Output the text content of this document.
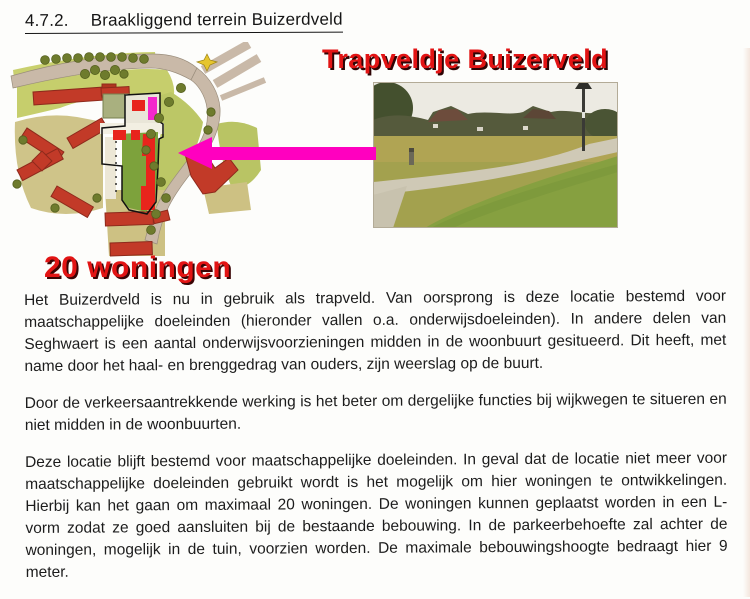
4.7.2. Braakliggend terrein Buizerdveld
Trapveldje Buizerveld
20 woningen

Het Buizerdveld is nu in gebruik als trapveld. Van oorsprong is deze locatie bestemd voor maatschappelijke doeleinden (hieronder vallen o.a. onderwijsdoeleinden). In andere delen van Seghwaert is een aantal onderwijsvoorzieningen midden in de woonbuurt gesitueerd. Dit heeft, met name door het haal- en brenggedrag van ouders, zijn weerslag op de buurt.

Door de verkeersaantrekkende werking is het beter om dergelijke functies bij wijkwegen te situeren en niet midden in de woonbuurten.

Deze locatie blijft bestemd voor maatschappelijke doeleinden. In geval dat de locatie niet meer voor maatschappelijke doeleinden gebruikt wordt is het mogelijk om hier woningen te ontwikkelingen. Hierbij kan het gaan om maximaal 20 woningen. De woningen kunnen geplaatst worden in een L-vorm zodat ze goed aansluiten bij de bestaande bebouwing. In de parkeerbehoefte zal achter de woningen, mogelijk in de tuin, voorzien worden. De maximale bebouwingshoogte bedraagt hier 9 meter.
